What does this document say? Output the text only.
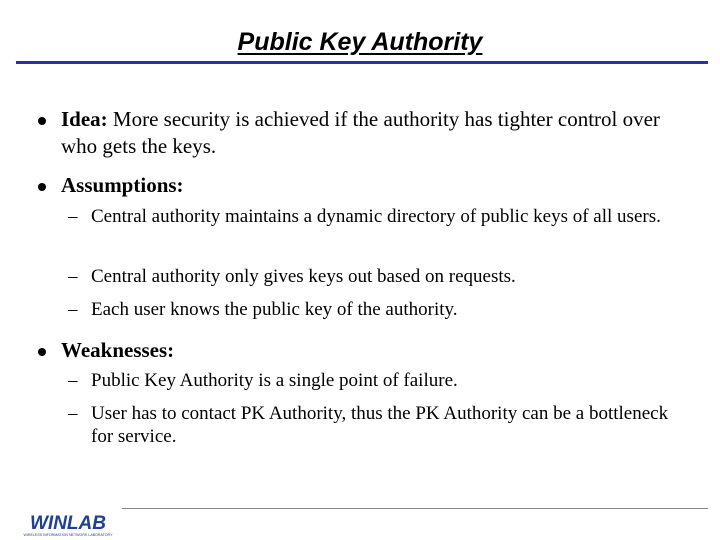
Public Key Authority
Idea: More security is achieved if the authority has tighter control over who gets the keys.
Assumptions:
– Central authority maintains a dynamic directory of public keys of all users.
– Central authority only gives keys out based on requests.
– Each user knows the public key of the authority.
Weaknesses:
– Public Key Authority is a single point of failure.
– User has to contact PK Authority, thus the PK Authority can be a bottleneck for service.
WINLAB
WIRELESS INFORMATION NETWORK LABORATORY
